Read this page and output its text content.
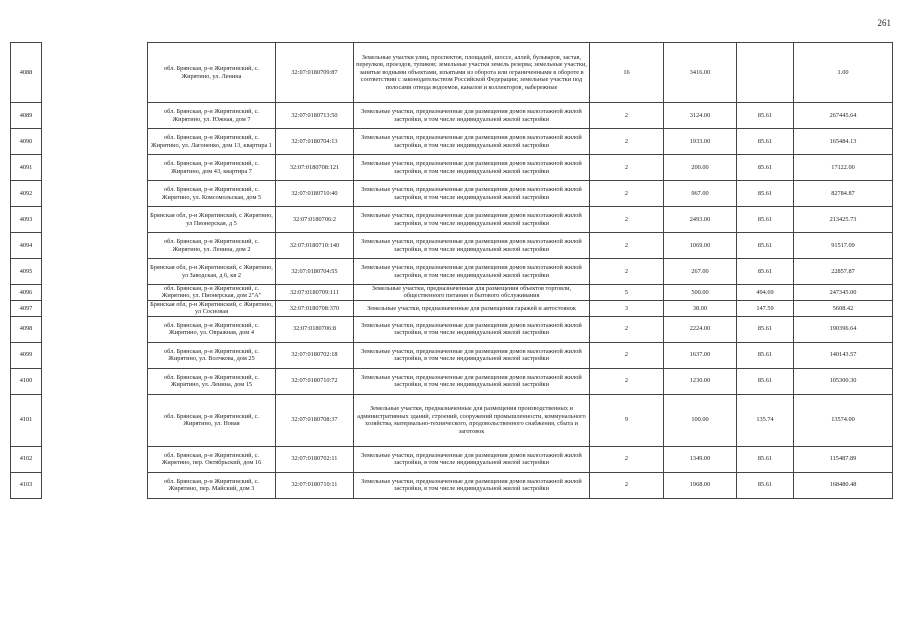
261
4088		обл. Брянская, р-н Жирятинский, с. Жирятино, ул. Ленина	32:07:0180709:87	Земельные участки улиц, проспектов, площадей, шоссе, аллей, бульваров, застав, переулков, проездов, тупиков; земельные участки земель резерва; земельные участки, занятые водными объектами, изъятыми из оборота или ограниченными в обороте в соответствии с законодательством Российской Федерации; земельные участки под полосами отвода водоемов, каналов и коллекторов, набережные	16	3416.00		1.00
4089		обл. Брянская, р-н Жирятинский, с. Жирятино, ул. Южная, дом 7	32:07:0180713:50	Земельные участки, предназначенные для размещения домов малоэтажной жилой застройки, в том числе индивидуальной жилой застройки	2	3124.00	85.61	267445.64
4090		обл. Брянская, р-н Жирятинский, с. Жирятино, ул. Лагоненко, дом 13, квартира 1	32:07:0180704:13	Земельные участки, предназначенные для размещения домов малоэтажной жилой застройки, в том числе индивидуальной жилой застройки	2	1933.00	85.61	165484.13
4091		обл. Брянская, р-н Жирятинский, с. Жирятино, дом 43, квартира 7	32:07:0180708:121	Земельные участки, предназначенные для размещения домов малоэтажной жилой застройки, в том числе индивидуальной жилой застройки	2	200.00	85.61	17122.00
4092		обл. Брянская, р-н Жирятинский, с. Жирятино, ул. Комсомольская, дом 5	32:07:0180710:40	Земельные участки, предназначенные для размещения домов малоэтажной жилой застройки, в том числе индивидуальной жилой застройки	2	967.00	85.61	82784.87
4093		Брянская обл, р-н Жирятинский, с Жирятино, ул Пионерская, д 5	32:07:0180706:2	Земельные участки, предназначенные для размещения домов малоэтажной жилой застройки, в том числе индивидуальной жилой застройки	2	2493.00	85.61	213425.73
4094		обл. Брянская, р-н Жирятинский, с. Жирятино, ул. Ленина, дом 2	32:07:0180710:140	Земельные участки, предназначенные для размещения домов малоэтажной жилой застройки, в том числе индивидуальной жилой застройки	2	1069.00	85.61	91517.09
4095		Брянская обл, р-н Жирятинский, с Жирятино, ул Заводская, д 6, кв 2	32:07:0180704:55	Земельные участки, предназначенные для размещения домов малоэтажной жилой застройки, в том числе индивидуальной жилой застройки	2	267.00	85.61	22857.87
4096		обл. Брянская, р-н Жирятинский, с. Жирятино, ул. Пионерская, дом 2"А"	32:07:0180709:111	Земельные участки, предназначенные для размещения объектов торговли, общественного питания и бытового обслуживания	5	500.00	494.69	247345.00
4097		Брянская обл, р-н Жирятинский, с Жирятино, ул Сосновая	32:07:0180708:370	Земельные участки, предназначенные для размещения гаражей и автостоянок	3	38.00	147.59	5608.42
4098		обл. Брянская, р-н Жирятинский, с. Жирятино, ул. Овражная, дом 4	32:07:0180706:8	Земельные участки, предназначенные для размещения домов малоэтажной жилой застройки, в том числе индивидуальной жилой застройки	2	2224.00	85.61	190396.64
4099		обл. Брянская, р-н Жирятинский, с. Жирятино, ул. Волчкова, дом 25	32:07:0180702:18	Земельные участки, предназначенные для размещения домов малоэтажной жилой застройки, в том числе индивидуальной жилой застройки	2	1637.00	85.61	140143.57
4100		обл. Брянская, р-н Жирятинский, с. Жирятино, ул. Ленина, дом 15	32:07:0180710:72	Земельные участки, предназначенные для размещения домов малоэтажной жилой застройки, в том числе индивидуальной жилой застройки	2	1230.00	85.61	105300.30
4101		обл. Брянская, р-н Жирятинский, с. Жирятино, ул. Новая	32:07:0180708:37	Земельные участки, предназначенные для размещения производственных и административных зданий, строений, сооружений промышленности, коммунального хозяйства, материально-технического, продовольственного снабжения, сбыта и заготовок	9	100.00	135.74	13574.00
4102		обл. Брянская, р-н Жирятинский, с. Жирятино, пер. Октябрьский, дом 16	32:07:0180702:11	Земельные участки, предназначенные для размещения домов малоэтажной жилой застройки, в том числе индивидуальной жилой застройки	2	1349.00	85.61	115487.89
4103		обл. Брянская, р-н Жирятинский, с. Жирятино, пер. Майский, дом 3	32:07:0180710:11	Земельные участки, предназначенные для размещения домов малоэтажной жилой застройки, в том числе индивидуальной жилой застройки	2	1968.00	85.61	168480.48
